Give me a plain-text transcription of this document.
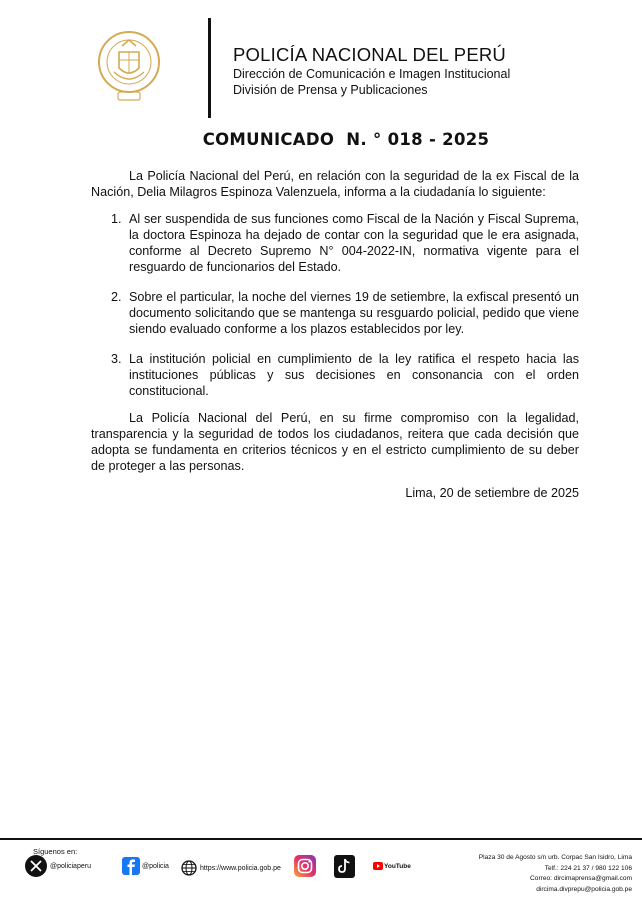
POLICÍA NACIONAL DEL PERÚ
Dirección de Comunicación e Imagen Institucional
División de Prensa y Publicaciones
COMUNICADO  N. ° 018 - 2025

La Policía Nacional del Perú, en relación con la seguridad de la ex Fiscal de la Nación, Delia Milagros Espinoza Valenzuela, informa a la ciudadanía lo siguiente:

1. Al ser suspendida de sus funciones como Fiscal de la Nación y Fiscal Suprema, la doctora Espinoza ha dejado de contar con la seguridad que le era asignada, conforme al Decreto Supremo N° 004-2022-IN, normativa vigente para el resguardo de funcionarios del Estado.
2. Sobre el particular, la noche del viernes 19 de setiembre, la exfiscal presentó un documento solicitando que se mantenga su resguardo policial, pedido que viene siendo evaluado conforme a los plazos establecidos por ley.
3. La institución policial en cumplimiento de la ley ratifica el respeto hacia las instituciones públicas y sus decisiones en consonancia con el orden constitucional.

La Policía Nacional del Perú, en su firme compromiso con la legalidad, transparencia y la seguridad de todos los ciudadanos, reitera que cada decisión que adopta se fundamenta en criterios técnicos y en el estricto cumplimiento de su deber de proteger a las personas.

Lima, 20 de setiembre de 2025
Síguenos en:
@policiaperu	@policia	https://www.policia.gob.pe	YouTube
Plaza 30 de Agosto s/n urb. Corpac San Isidro, Lima
Telf.: 224 21 37 / 980 122 106
Correo: dircimaprensa@gmail.com
dircima.divprepu@policia.gob.pe
